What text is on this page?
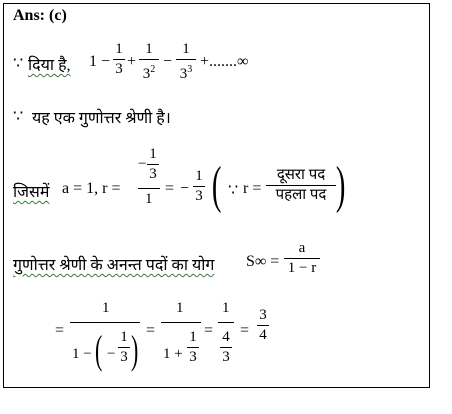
Ans: (c)
∵ दिया है, 1 −
1
3 +
1
$3^2$ −
1
$3^3$ +.......∞
∵ यह एक गुणोत्तर श्रेणी है।
जिसमें a = 1, r =
−
1
3
1
= −
1
3 ( ∵ r =
दूसरा पद
पहला पद )
गुणोत्तर श्रेणी के अनन्त पदों का योग S∞ =
a
1 − r
=
1
1 − ( −
1
3 ) =
1
1 +
1
3
=
1
4
3
=
3
4
